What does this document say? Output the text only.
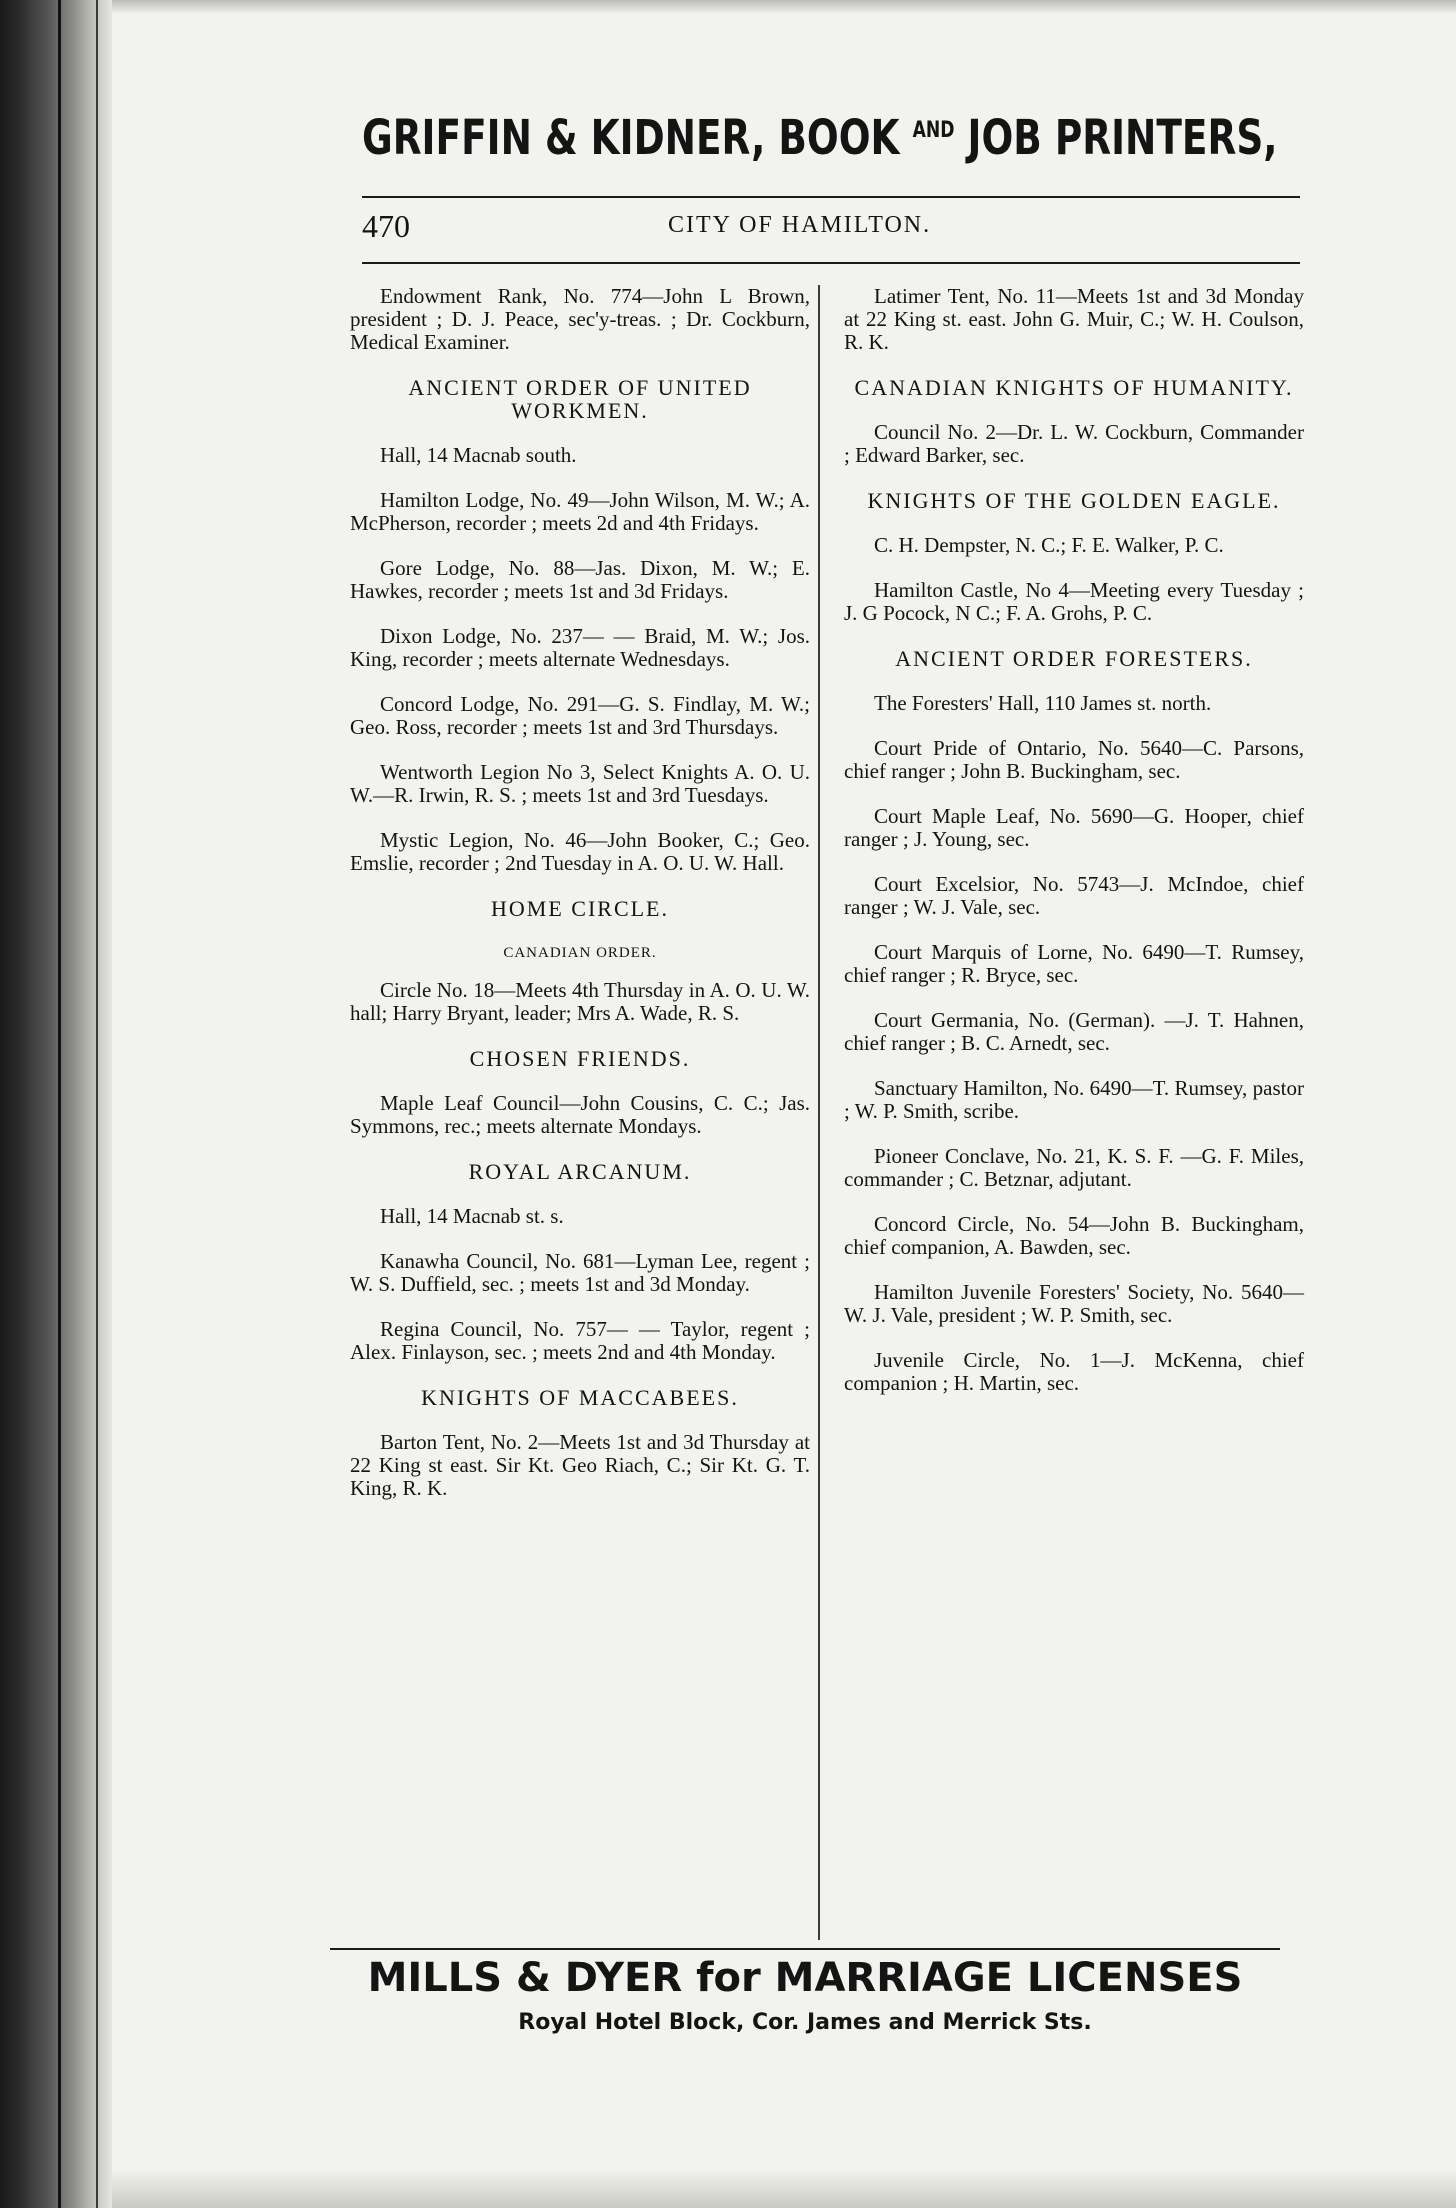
GRIFFIN & KIDNER, BOOK $^{AND}$ JOB PRINTERS,
470	CITY OF HAMILTON.
Endowment Rank, No. 774—John L Brown, president ; D. J. Peace, sec'y-treas. ; Dr. Cockburn, Medical Examiner.
ANCIENT ORDER OF UNITED WORKMEN.
Hall, 14 Macnab south.
Hamilton Lodge, No. 49—John Wilson, M. W.; A. McPherson, recorder ; meets 2d and 4th Fridays.
Gore Lodge, No. 88—Jas. Dixon, M. W.; E. Hawkes, recorder ; meets 1st and 3d Fridays.
Dixon Lodge, No. 237— — Braid, M. W.; Jos. King, recorder ; meets alternate Wednesdays.
Concord Lodge, No. 291—G. S. Findlay, M. W.; Geo. Ross, recorder ; meets 1st and 3rd Thursdays.
Wentworth Legion No 3, Select Knights A. O. U. W.—R. Irwin, R. S. ; meets 1st and 3rd Tuesdays.
Mystic Legion, No. 46—John Booker, C.; Geo. Emslie, recorder ; 2nd Tuesday in A. O. U. W. Hall.
HOME CIRCLE.
CANADIAN ORDER.
Circle No. 18—Meets 4th Thursday in A. O. U. W. hall; Harry Bryant, leader; Mrs A. Wade, R. S.
CHOSEN FRIENDS.
Maple Leaf Council—John Cousins, C. C.; Jas. Symmons, rec.; meets alternate Mondays.
ROYAL ARCANUM.
Hall, 14 Macnab st. s.
Kanawha Council, No. 681—Lyman Lee, regent ; W. S. Duffield, sec. ; meets 1st and 3d Monday.
Regina Council, No. 757— — Taylor, regent ; Alex. Finlayson, sec. ; meets 2nd and 4th Monday.
KNIGHTS OF MACCABEES.
Barton Tent, No. 2—Meets 1st and 3d Thursday at 22 King st east. Sir Kt. Geo Riach, C.; Sir Kt. G. T. King, R. K.
Latimer Tent, No. 11—Meets 1st and 3d Monday at 22 King st. east. John G. Muir, C.; W. H. Coulson, R. K.
CANADIAN KNIGHTS OF HUMANITY.
Council No. 2—Dr. L. W. Cockburn, Commander ; Edward Barker, sec.
KNIGHTS OF THE GOLDEN EAGLE.
C. H. Dempster, N. C.; F. E. Walker, P. C.
Hamilton Castle, No 4—Meeting every Tuesday ; J. G Pocock, N C.; F. A. Grohs, P. C.
ANCIENT ORDER FORESTERS.
The Foresters' Hall, 110 James st. north.
Court Pride of Ontario, No. 5640—C. Parsons, chief ranger ; John B. Buckingham, sec.
Court Maple Leaf, No. 5690—G. Hooper, chief ranger ; J. Young, sec.
Court Excelsior, No. 5743—J. McIndoe, chief ranger ; W. J. Vale, sec.
Court Marquis of Lorne, No. 6490—T. Rumsey, chief ranger ; R. Bryce, sec.
Court Germania, No. (German). —J. T. Hahnen, chief ranger ; B. C. Arnedt, sec.
Sanctuary Hamilton, No. 6490—T. Rumsey, pastor ; W. P. Smith, scribe.
Pioneer Conclave, No. 21, K. S. F. —G. F. Miles, commander ; C. Betznar, adjutant.
Concord Circle, No. 54—John B. Buckingham, chief companion, A. Bawden, sec.
Hamilton Juvenile Foresters' Society, No. 5640—W. J. Vale, president ; W. P. Smith, sec.
Juvenile Circle, No. 1—J. McKenna, chief companion ; H. Martin, sec.
MILLS & DYER for MARRIAGE LICENSES
Royal Hotel Block, Cor. James and Merrick Sts.
